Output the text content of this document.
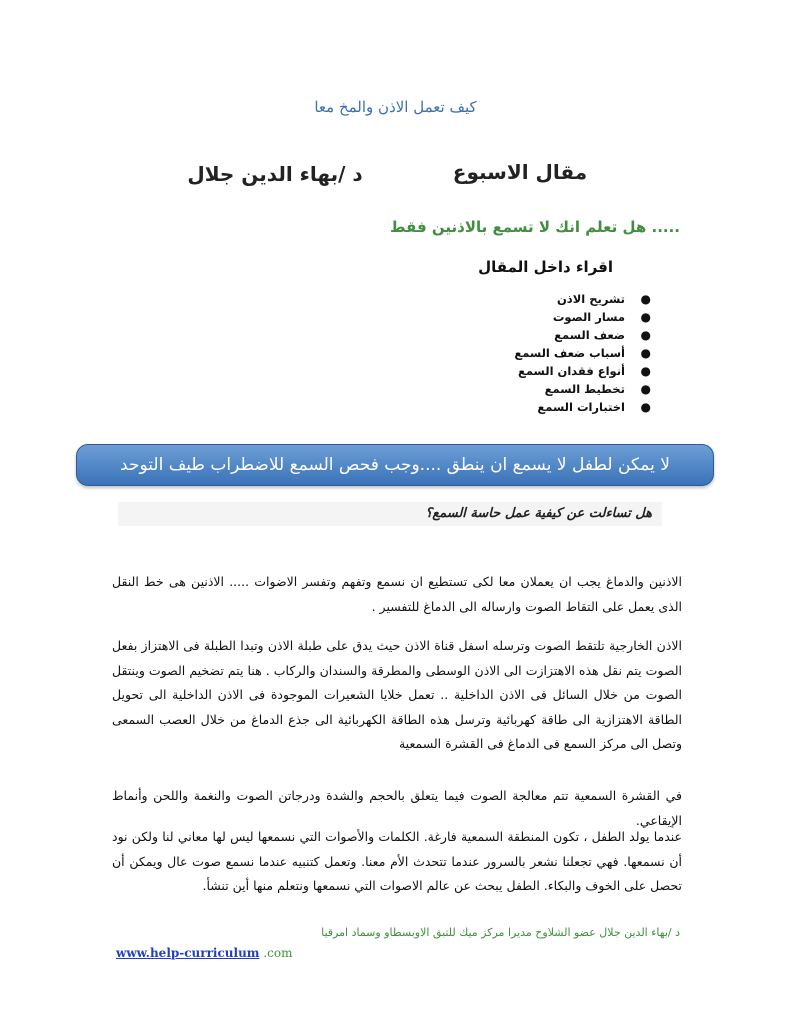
كيف تعمل الاذن والمخ معا
مقال الاسبوع
د /بهاء الدين جلال
هل تعلم انك لا تسمع بالاذنين فقط .....
اقراء داخل المقال
●
تشريح الاذن
●
مسار الصوت
●
ضعف السمع
●
أسباب ضعف السمع
●
أنواع فقدان السمع
●
تخطيط السمع
●
اختبارات السمع
لا يمكن لطفل لا يسمع ان ينطق ....وجب فحص السمع للاضطراب طيف التوحد
هل تساءلت عن كيفية عمل حاسة السمع؟
الاذنين والدماغ يجب ان يعملان معا لكى تستطيع ان نسمع وتفهم وتفسر الاضوات ..... الاذنين هى خط النقل الذى يعمل على التقاط الصوت وارساله الى الدماغ للتفسير .
الاذن الخارجية تلتقط الصوت وترسله اسفل قناة الاذن حيث يدق على طبلة الاذن وتبدا الطبلة فى الاهتزاز بفعل الصوت يتم نقل هذه الاهتزازت الى الاذن الوسطى والمطرقة والسندان والركاب . هنا يتم تضخيم الصوت وينتقل الصوت من خلال السائل فى الاذن الداخلية .. تعمل خلايا الشعيرات الموجودة فى الاذن الداخلية الى تحويل الطاقة الاهتزازية الى طاقة كهربائية وترسل هذه الطاقة الكهربائية الى جذع الدماغ من خلال العصب السمعى وتصل الى مركز السمع فى الدماغ فى القشرة السمعية
في القشرة السمعية تتم معالجة الصوت فيما يتعلق بالحجم والشدة ودرجاتن الصوت والنغمة واللحن وأنماط الإيقاعي.
عندما يولد الطفل ، تكون المنطقة السمعية فارغة. الكلمات والأصوات التي نسمعها ليس لها معاني لنا ولكن نود أن نسمعها. فهي تجعلنا نشعر بالسرور عندما تتحدث الأم معنا. وتعمل كتنبيه عندما نسمع صوت عال ويمكن أن تحصل على الخوف والبكاء. الطفل يبحث عن عالم الاصوات التي نسمعها ونتعلم منها أين تنشأ.
د /بهاء الدين جلال عضو الشلاوح مديرا مركز ميك للتبق الاوبسطاو وسماد امرقيا
www.help-curriculum .com
